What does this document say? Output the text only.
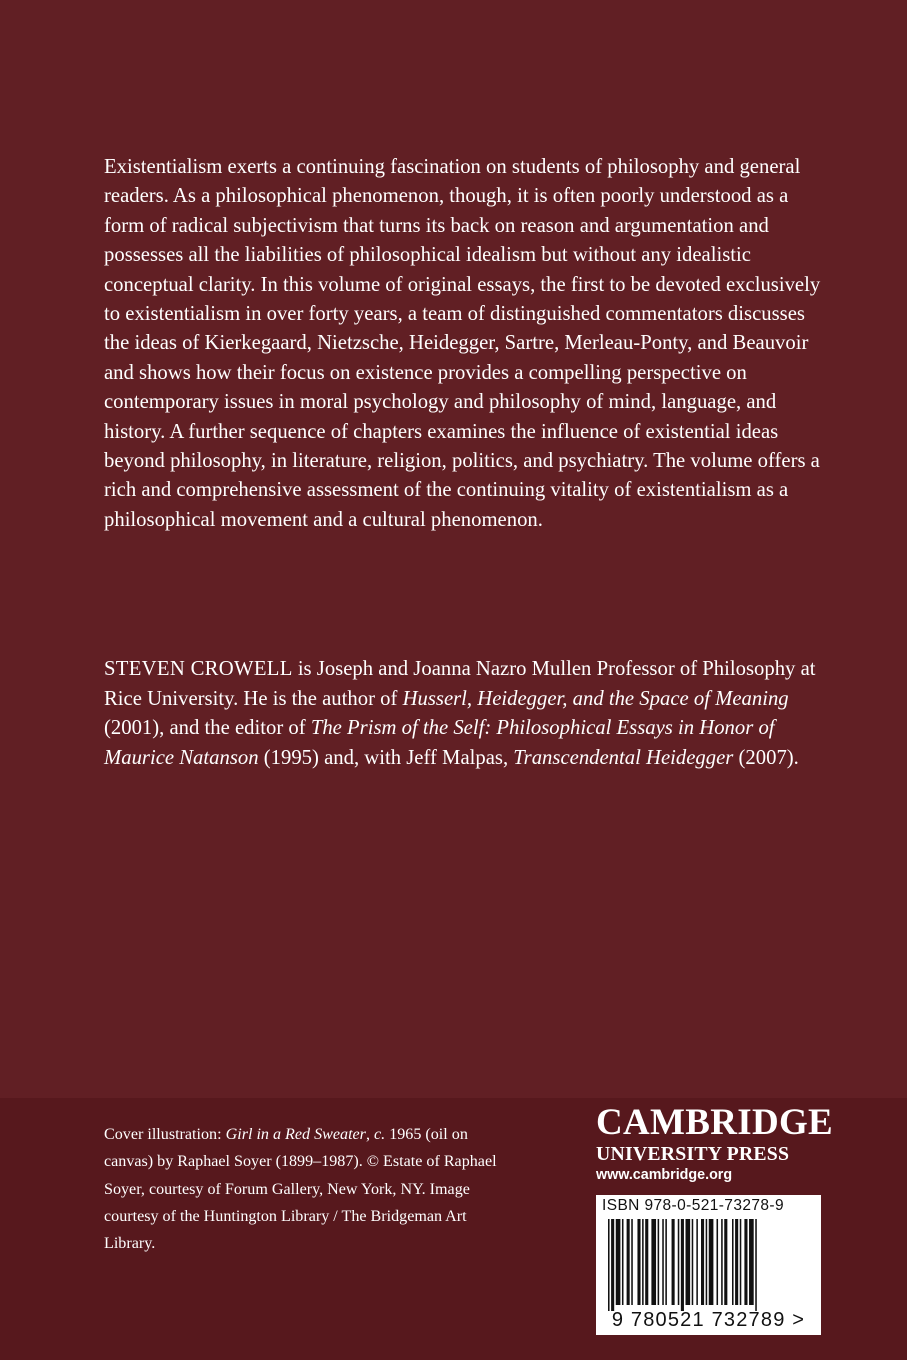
Existentialism exerts a continuing fascination on students of philosophy and general readers. As a philosophical phenomenon, though, it is often poorly understood as a form of radical subjectivism that turns its back on reason and argumentation and possesses all the liabilities of philosophical idealism but without any idealistic conceptual clarity. In this volume of original essays, the first to be devoted exclusively to existentialism in over forty years, a team of distinguished commentators discusses the ideas of Kierkegaard, Nietzsche, Heidegger, Sartre, Merleau-Ponty, and Beauvoir and shows how their focus on existence provides a compelling perspective on contemporary issues in moral psychology and philosophy of mind, language, and history. A further sequence of chapters examines the influence of existential ideas beyond philosophy, in literature, religion, politics, and psychiatry. The volume offers a rich and comprehensive assessment of the continuing vitality of existentialism as a philosophical movement and a cultural phenomenon.

STEVEN CROWELL is Joseph and Joanna Nazro Mullen Professor of Philosophy at Rice University. He is the author of Husserl, Heidegger, and the Space of Meaning (2001), and the editor of The Prism of the Self: Philosophical Essays in Honor of Maurice Natanson (1995) and, with Jeff Malpas, Transcendental Heidegger (2007).

Cover illustration: Girl in a Red Sweater, c. 1965 (oil on canvas) by Raphael Soyer (1899–1987). © Estate of Raphael Soyer, courtesy of Forum Gallery, New York, NY. Image courtesy of the Huntington Library / The Bridgeman Art Library.

CAMBRIDGE
UNIVERSITY PRESS
www.cambridge.org
ISBN 978-0-521-73278-9
9 780521 732789 >
